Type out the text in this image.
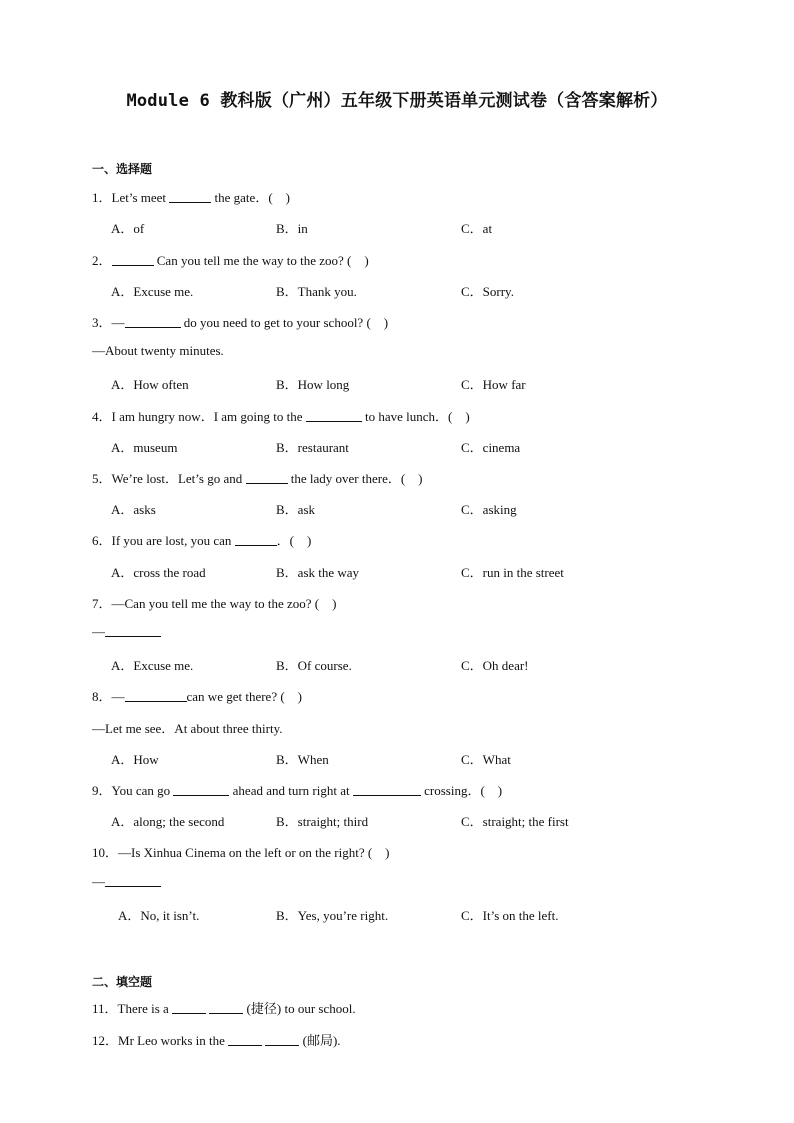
Module 6 教科版（广州）五年级下册英语单元测试卷（含答案解析）
一、选择题
1．Let’s meet	the gate．(　)
A．of	B．in	C．at
2．	Can you tell me the way to the zoo? (　)
A．Excuse me.	B．Thank you.	C．Sorry.
3．—	do you need to get to your school? (　)
—About twenty minutes.
A．How often	B．How long	C．How far
4．I am hungry now．I am going to the	to have lunch．(　)
A．museum	B．restaurant	C．cinema
5．We’re lost．Let’s go and	the lady over there．(　)
A．asks	B．ask	C．asking
6．If you are lost, you can	．(　)
A．cross the road	B．ask the way	C．run in the street
7．—Can you tell me the way to the zoo? (　)
—
A．Excuse me.	B．Of course.	C．Oh dear!
8．—	can we get there? (　)
—Let me see．At about three thirty.
A．How	B．When	C．What
9．You can go	ahead and turn right at	crossing．(　)
A．along; the second	B．straight; third	C．straight; the first
10．—Is Xinhua Cinema on the left or on the right? (　)
—
A．No, it isn’t.	B．Yes, you’re right.	C．It’s on the left.
二、填空题
11．There is a	(捷径) to our school.
12．Mr Leo works in the	(邮局).
